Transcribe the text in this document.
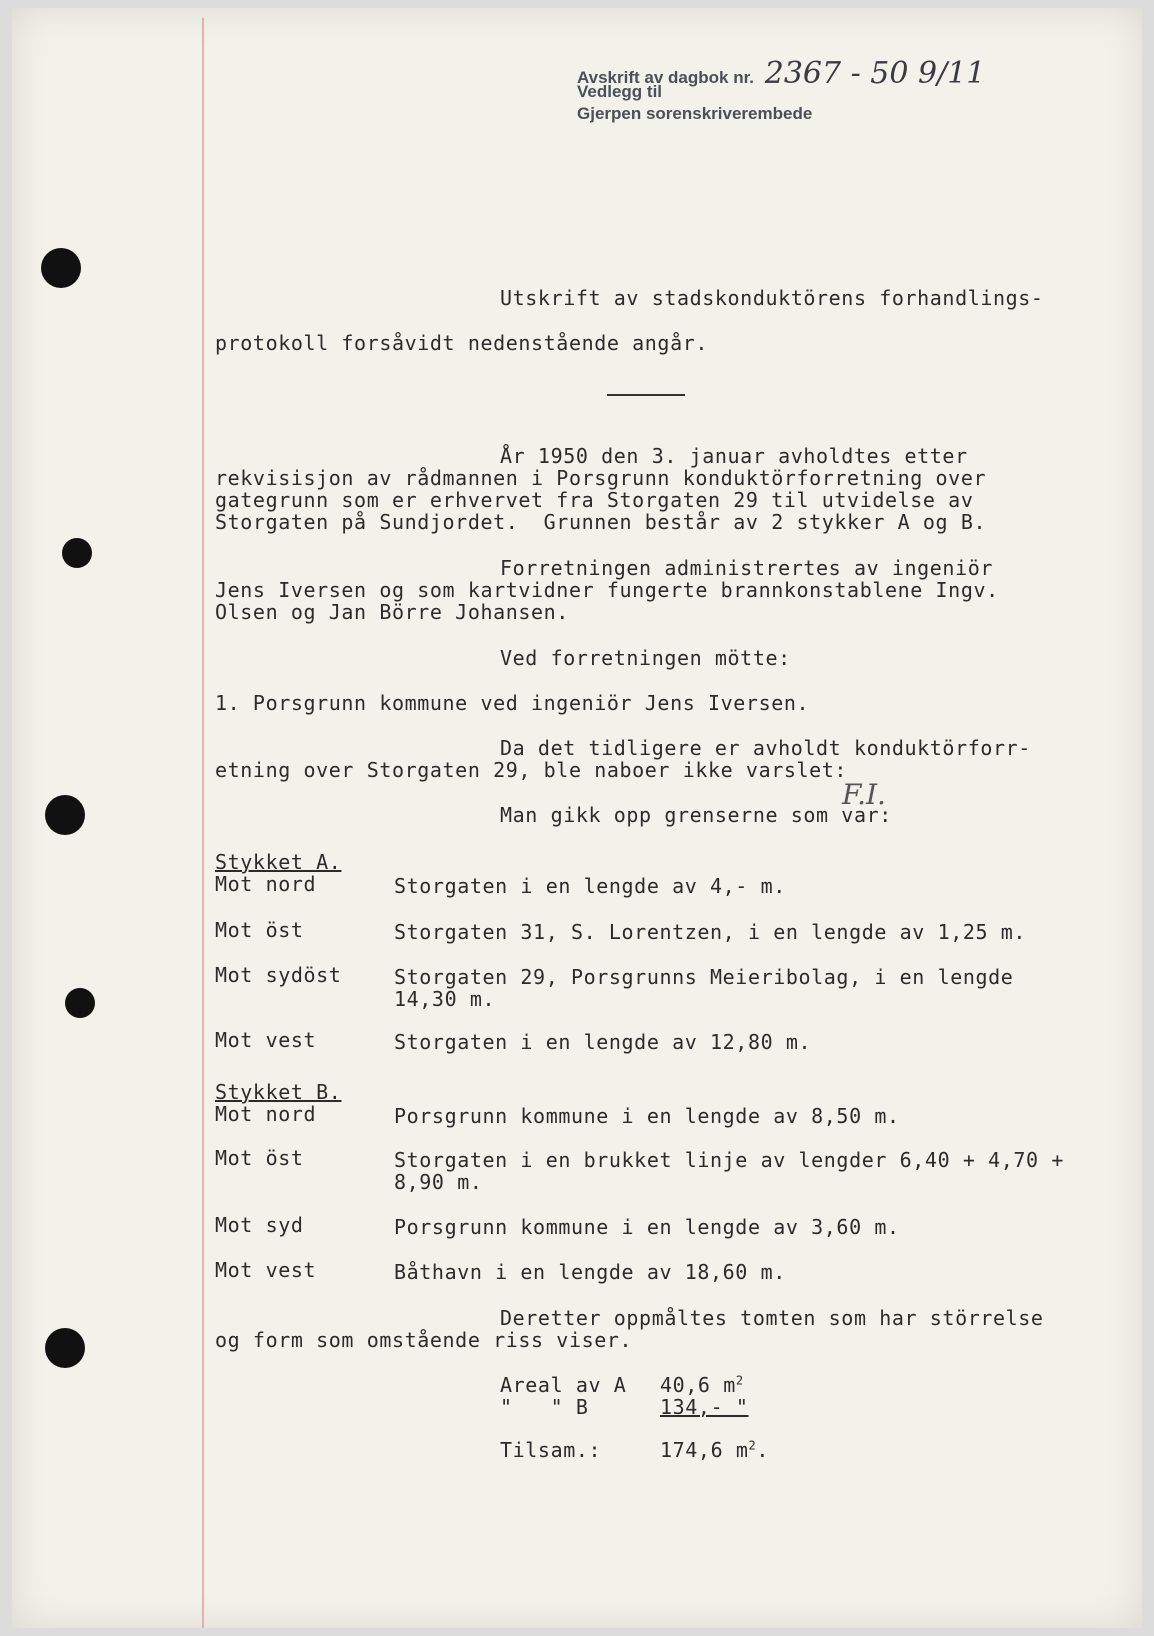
Avskrift av dagbok nr. 2367 - 50 9/11
Vedlegg til
Gjerpen sorenskriverembede
Utskrift av stadskonduktörens forhandlings-
protokoll forsåvidt nedenstående angår.
År 1950 den 3. januar avholdtes etter
rekvisisjon av rådmannen i Porsgrunn konduktörforretning over
gategrunn som er erhvervet fra Storgaten 29 til utvidelse av
Storgaten på Sundjordet.  Grunnen består av 2 stykker A og B.
Forretningen administrertes av ingeniör
Jens Iversen og som kartvidner fungerte brannkonstablene Ingv.
Olsen og Jan Börre Johansen.
Ved forretningen mötte:
1. Porsgrunn kommune ved ingeniör Jens Iversen.
Da det tidligere er avholdt konduktörforr-
etning over Storgaten 29, ble naboer ikke varslet:
Man gikk opp grenserne som var:
F.I.
Stykket A.
Mot nord	Storgaten i en lengde av 4,- m.
Mot öst	Storgaten 31, S. Lorentzen, i en lengde av 1,25 m.
Mot sydöst	Storgaten 29, Porsgrunns Meieribolag, i en lengde
14,30 m.
Mot vest	Storgaten i en lengde av 12,80 m.
Stykket B.
Mot nord	Porsgrunn kommune i en lengde av 8,50 m.
Mot öst	Storgaten i en brukket linje av lengder 6,40 + 4,70 +
8,90 m.
Mot syd	Porsgrunn kommune i en lengde av 3,60 m.
Mot vest	Båthavn i en lengde av 18,60 m.
Deretter oppmåltes tomten som har störrelse
og form som omstående riss viser.
Areal av A 40,6 $m^2$
"   " B	134,- "
Tilsam.:	174,6 $m^2$.
